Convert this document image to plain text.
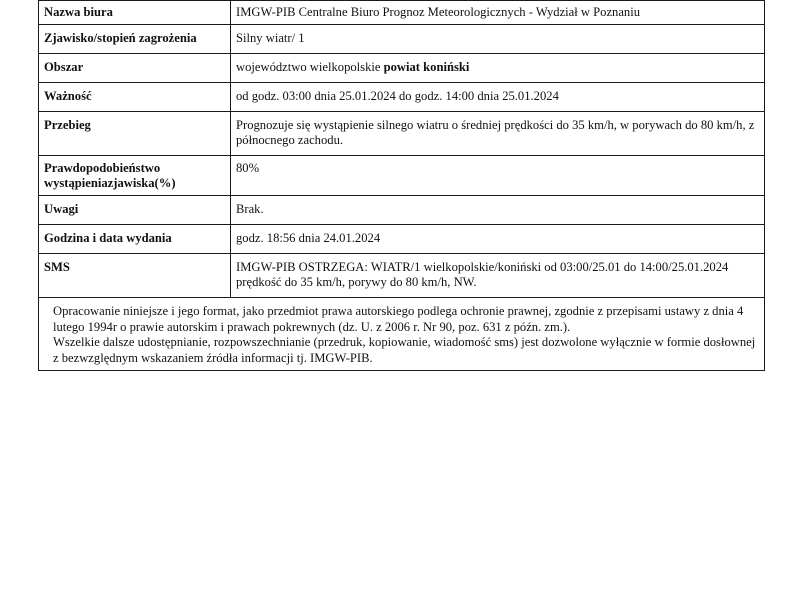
Nazwa biura	IMGW-PIB Centralne Biuro Prognoz Meteorologicznych - Wydział w Poznaniu
Zjawisko/stopień zagrożenia	Silny wiatr/ 1
Obszar	województwo wielkopolskie powiat koniński
Ważność	od godz. 03:00 dnia 25.01.2024 do godz. 14:00 dnia 25.01.2024
Przebieg	Prognozuje się wystąpienie silnego wiatru o średniej prędkości do 35 km/h, w porywach do 80 km/h, z północnego zachodu.
Prawdopodobieństwo wystąpieniazjawiska(%)	80%
Uwagi	Brak.
Godzina i data wydania	godz. 18:56 dnia 24.01.2024
SMS	IMGW-PIB OSTRZEGA: WIATR/1 wielkopolskie/koniński od 03:00/25.01 do 14:00/25.01.2024 prędkość do 35 km/h, porywy do 80 km/h, NW.

Opracowanie niniejsze i jego format, jako przedmiot prawa autorskiego podlega ochronie prawnej, zgodnie z przepisami ustawy z dnia 4 lutego 1994r o prawie autorskim i prawach pokrewnych (dz. U. z 2006 r. Nr 90, poz. 631 z późn. zm.).

Wszelkie dalsze udostępnianie, rozpowszechnianie (przedruk, kopiowanie, wiadomość sms) jest dozwolone wyłącznie w formie dosłownej z bezwzględnym wskazaniem źródła informacji tj. IMGW-PIB.
